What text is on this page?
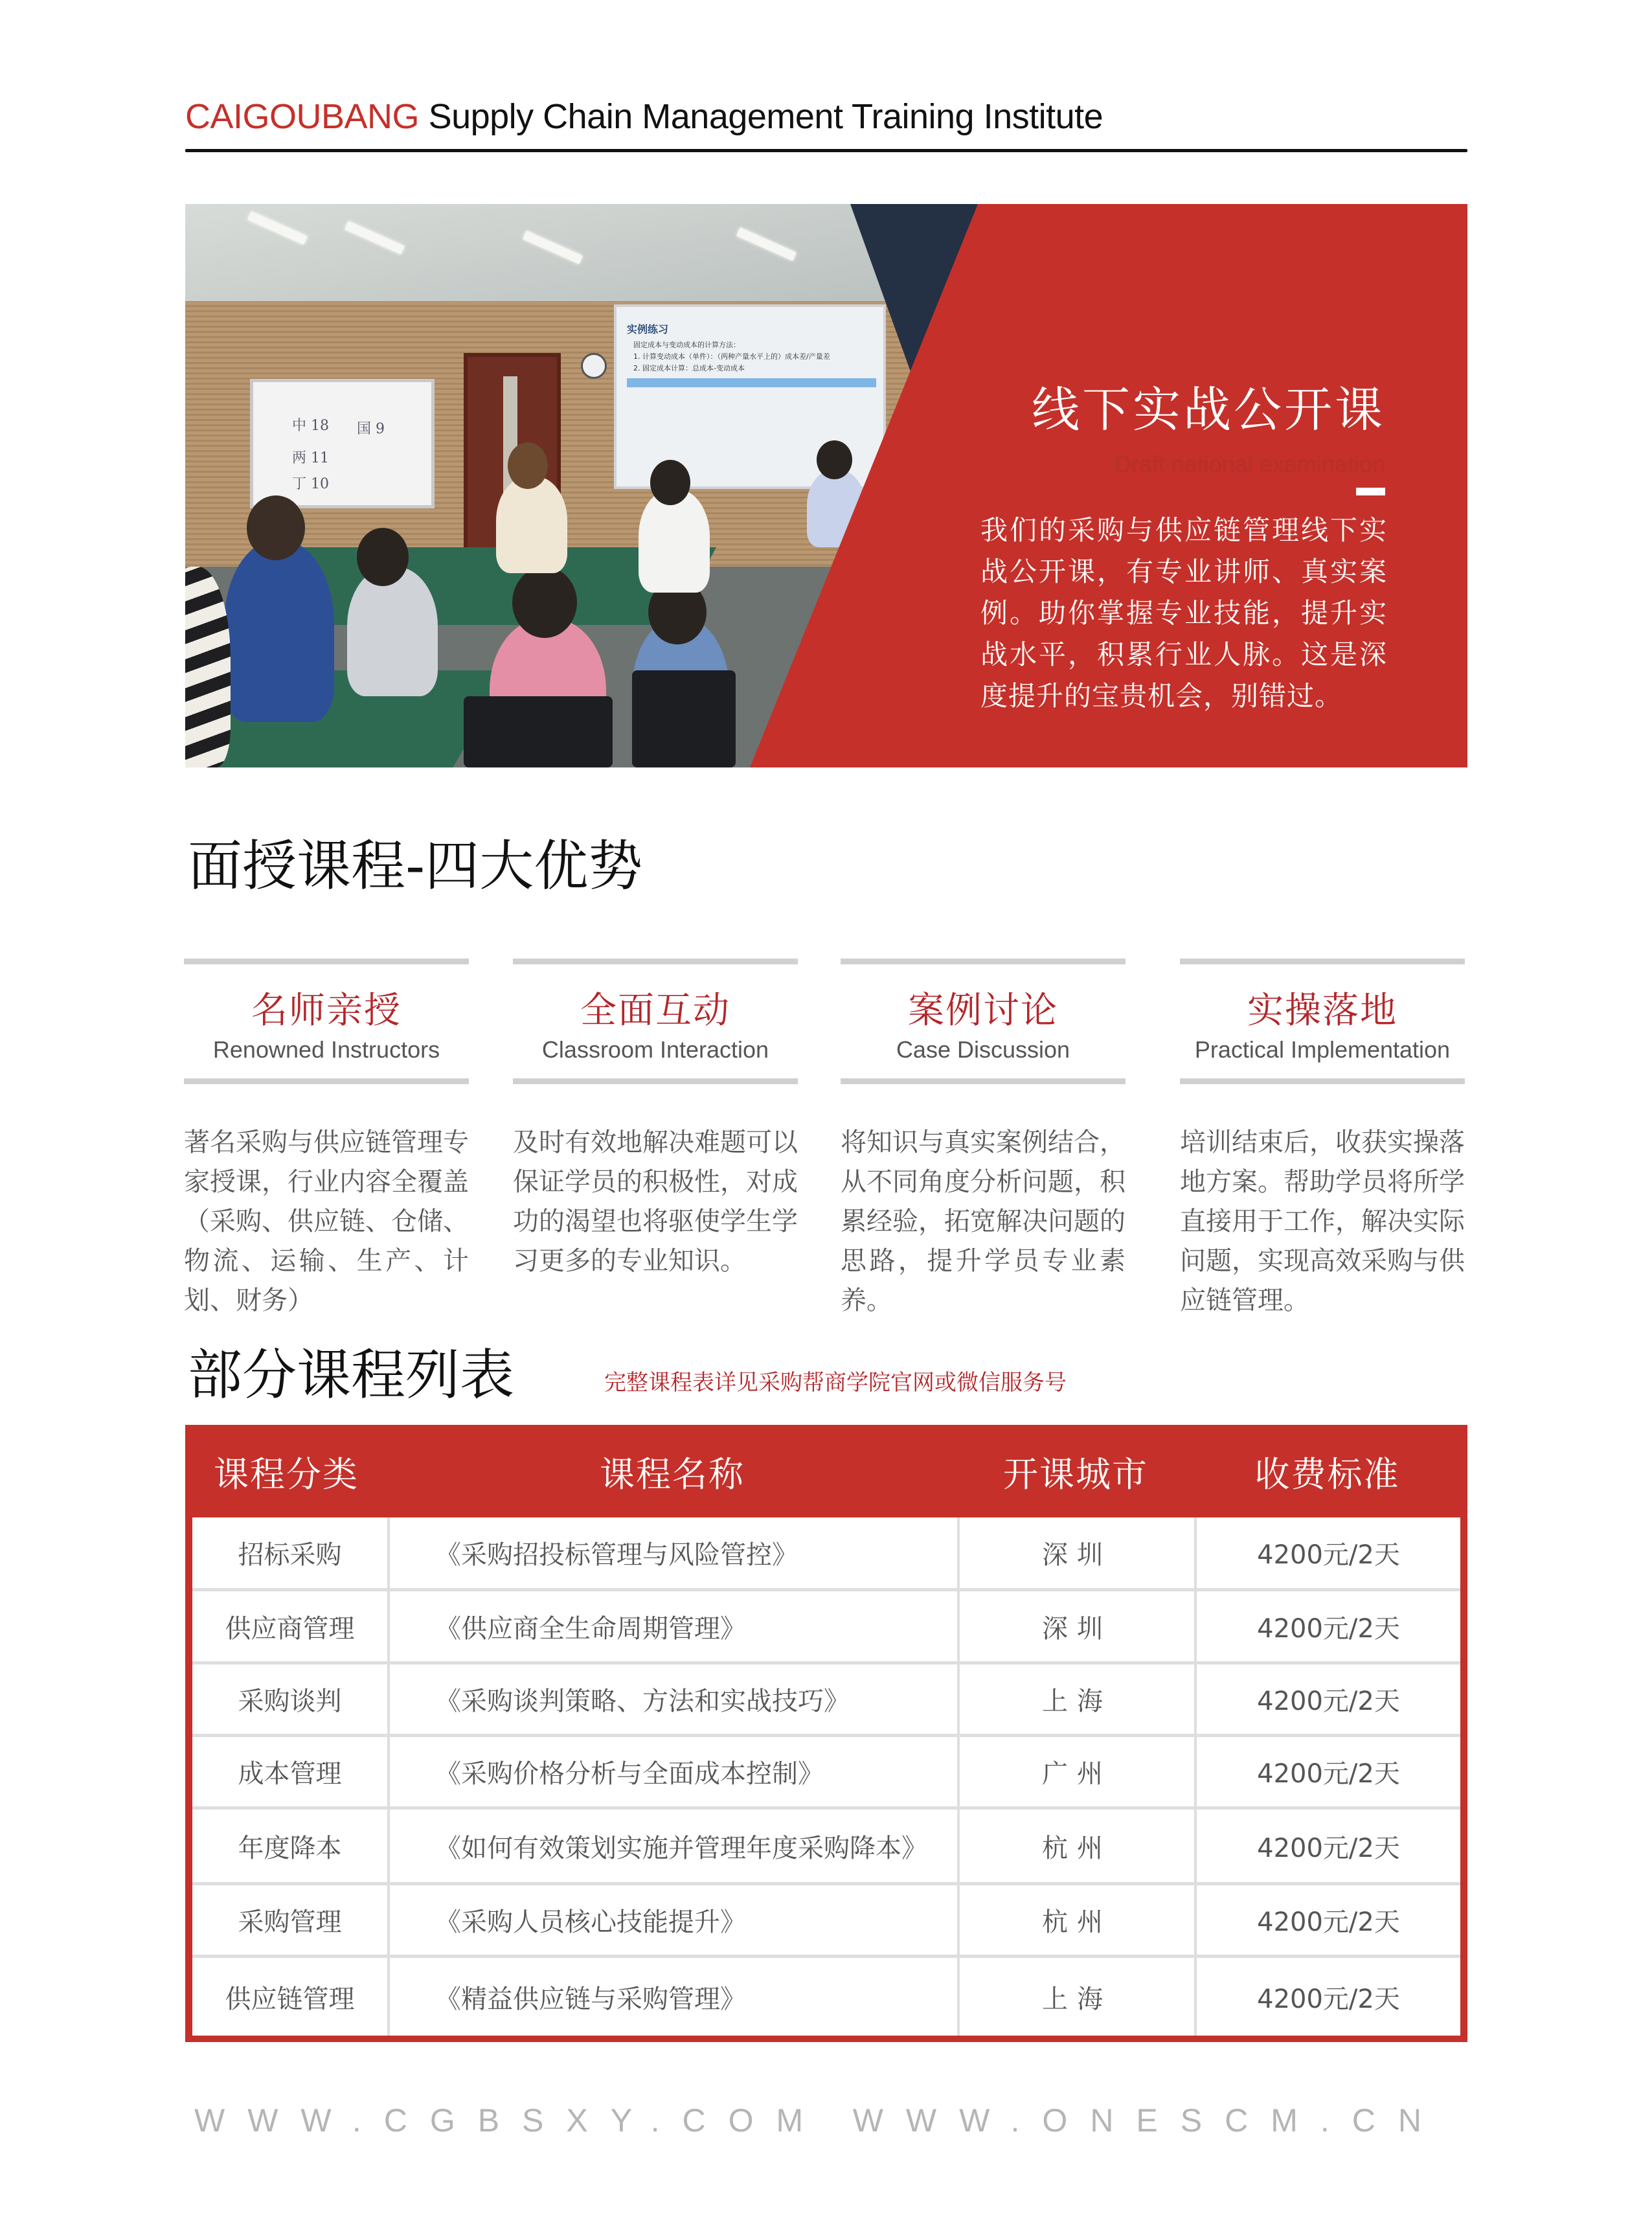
CAIGOUBANG Supply Chain Management Training Institute
中 18 国 9
两 11
丁 10
实例练习
固定成本与变动成本的计算方法：
1. 计算变动成本（单件）：（两种产量水平上的）成本差/产量差
2. 固定成本计算：总成本-变动成本
线下实战公开课
Draft national examination
我们的采购与供应链管理线下实战公开课，有专业讲师、真实案例。助你掌握专业技能，提升实战水平，积累行业人脉。这是深度提升的宝贵机会，别错过。
面授课程-四大优势
名师亲授
Renowned Instructors
著名采购与供应链管理专家授课，行业内容全覆盖（采购、供应链、仓储、物流、运输、生产、计划、财务）
全面互动
Classroom Interaction
及时有效地解决难题可以保证学员的积极性，对成功的渴望也将驱使学生学习更多的专业知识。
案例讨论
Case Discussion
将知识与真实案例结合，从不同角度分析问题，积累经验，拓宽解决问题的思路，提升学员专业素养。
实操落地
Practical Implementation
培训结束后，收获实操落地方案。帮助学员将所学直接用于工作，解决实际问题，实现高效采购与供应链管理。
部分课程列表	完整课程表详见采购帮商学院官网或微信服务号
课程分类	课程名称	开课城市	收费标准
招标采购	《采购招投标管理与风险管控》	深圳	4200元/2天
供应商管理	《供应商全生命周期管理》	深圳	4200元/2天
采购谈判	《采购谈判策略、方法和实战技巧》	上海	4200元/2天
成本管理	《采购价格分析与全面成本控制》	广州	4200元/2天
年度降本	《如何有效策划实施并管理年度采购降本》	杭州	4200元/2天
采购管理	《采购人员核心技能提升》	杭州	4200元/2天
供应链管理	《精益供应链与采购管理》	上海	4200元/2天
WWW.CGBSXY.COM WWW.ONESCM.CN
